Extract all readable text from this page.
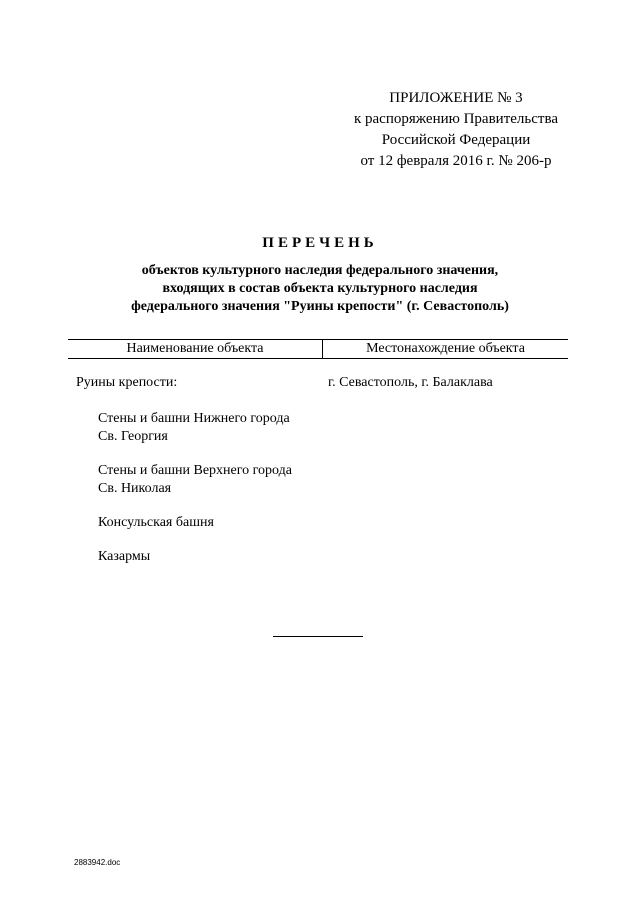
ПРИЛОЖЕНИЕ № 3
к распоряжению Правительства
Российской Федерации
от 12 февраля 2016 г. № 206-р
ПЕРЕЧЕНЬ
объектов культурного наследия федерального значения,
входящих в состав объекта культурного наследия
федерального значения "Руины крепости" (г. Севастополь)
Наименование объекта	Местонахождение объекта
Руины крепости:	г. Севастополь, г. Балаклава
Стены и башни Нижнего города
Св. Георгия
Стены и башни Верхнего города
Св. Николая
Консульская башня
Казармы
2883942.doc
